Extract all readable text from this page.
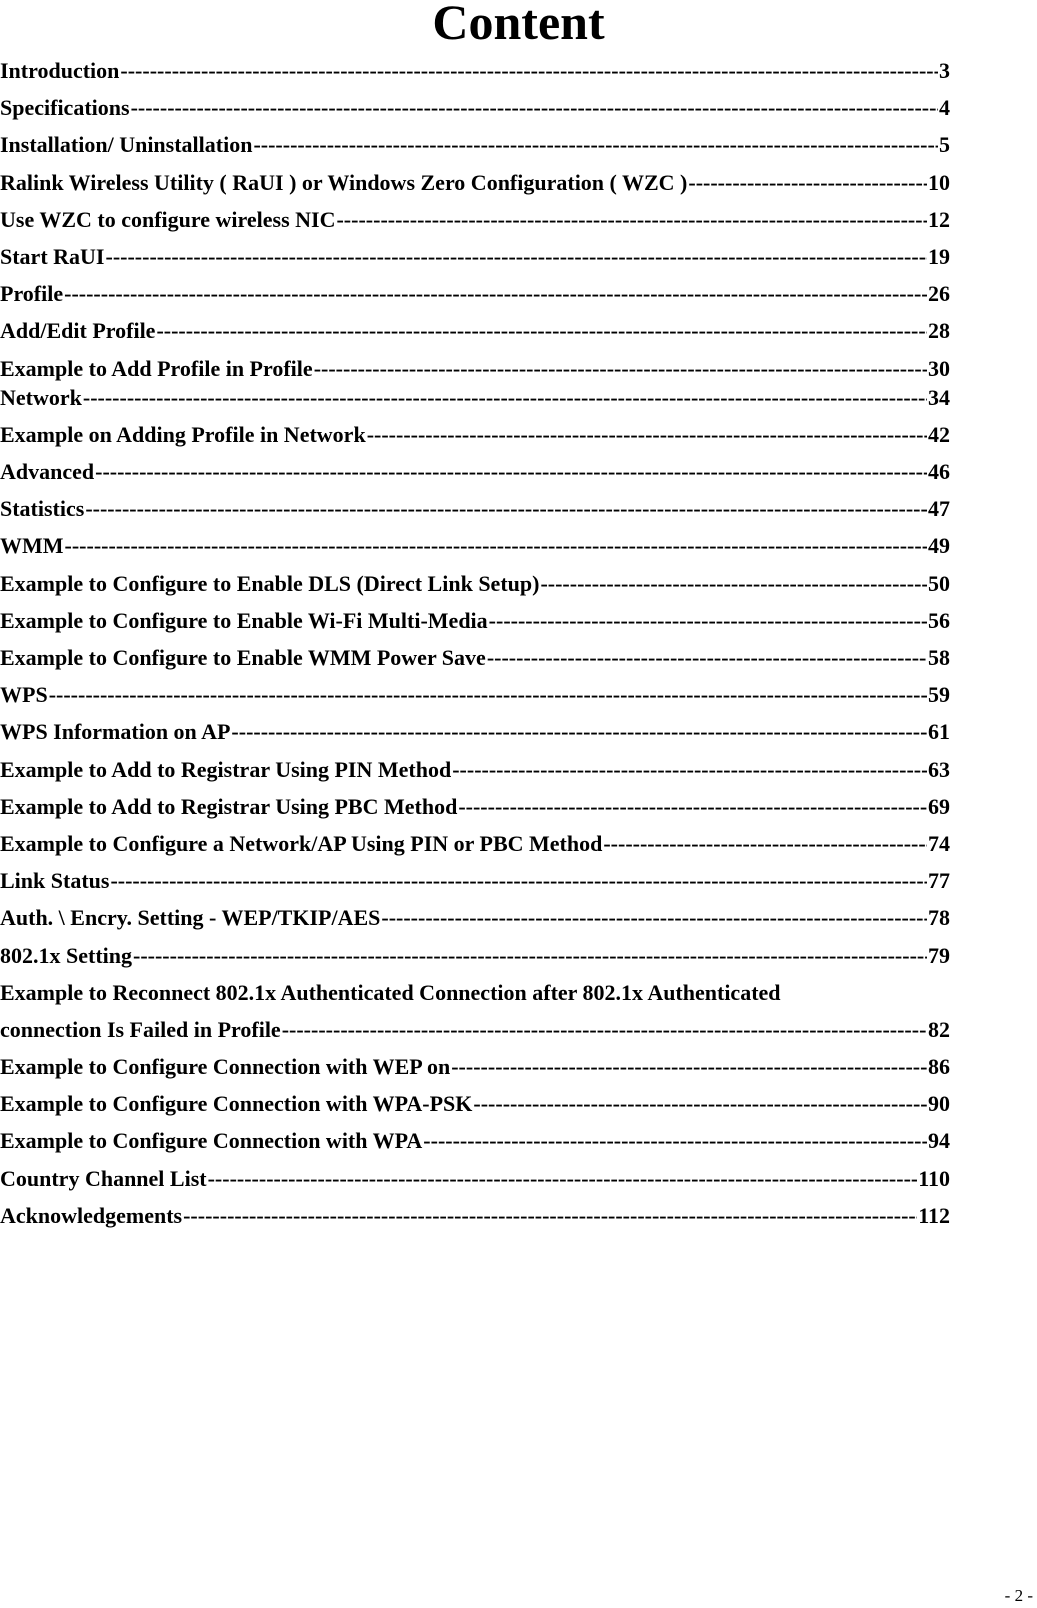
Content
Introduction -----	3
Specifications -----	4
Installation/ Uninstallation -----	5
Ralink Wireless Utility ( RaUI ) or Windows Zero Configuration ( WZC ) -----	10
Use WZC to configure wireless NIC -----	12
Start RaUI -----	19
Profile -----	26
Add/Edit Profile -----	28
Example to Add Profile in Profile -----	30
Network -----	34
Example on Adding Profile in Network -----	42
Advanced -----	46
Statistics -----	47
WMM -----	49
Example to Configure to Enable DLS (Direct Link Setup) -----	50
Example to Configure to Enable Wi-Fi Multi-Media -----	56
Example to Configure to Enable WMM Power Save -----	58
WPS -----	59
WPS Information on AP -----	61
Example to Add to Registrar Using PIN Method -----	63
Example to Add to Registrar Using PBC Method -----	69
Example to Configure a Network/AP Using PIN or PBC Method -----	74
Link Status -----	77
Auth. \ Encry. Setting - WEP/TKIP/AES -----	78
802.1x Setting -----	79
Example to Reconnect 802.1x Authenticated Connection after 802.1x Authenticated
connection Is Failed in Profile -----	82
Example to Configure Connection with WEP on -----	86
Example to Configure Connection with WPA-PSK -----	90
Example to Configure Connection with WPA -----	94
Country Channel List -----	110
Acknowledgements -----	112
- 2 -
